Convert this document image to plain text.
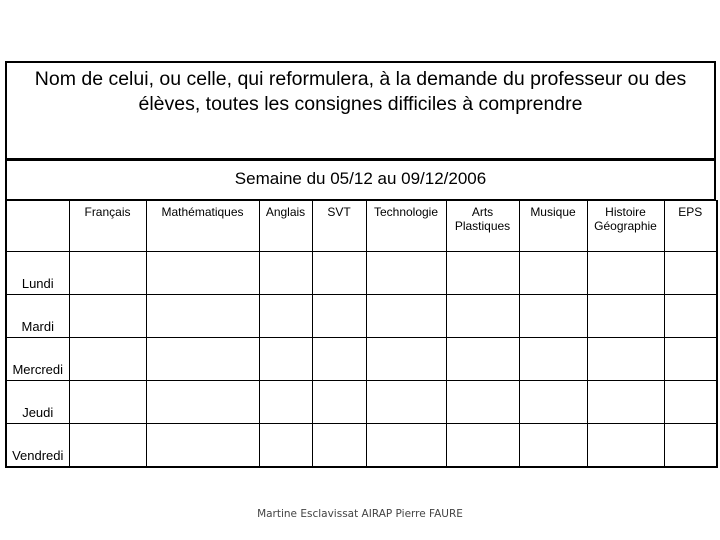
Nom de celui, ou celle, qui reformulera, à la demande du professeur ou des élèves, toutes les consignes difficiles à comprendre
Semaine du 05/12 au 09/12/2006
	Français	Mathématiques	Anglais	SVT	Technologie	Arts Plastiques	Musique	Histoire Géographie	EPS
Lundi									
Mardi									
Mercredi									
Jeudi									
Vendredi									
Martine Esclavissat AIRAP Pierre FAURE
